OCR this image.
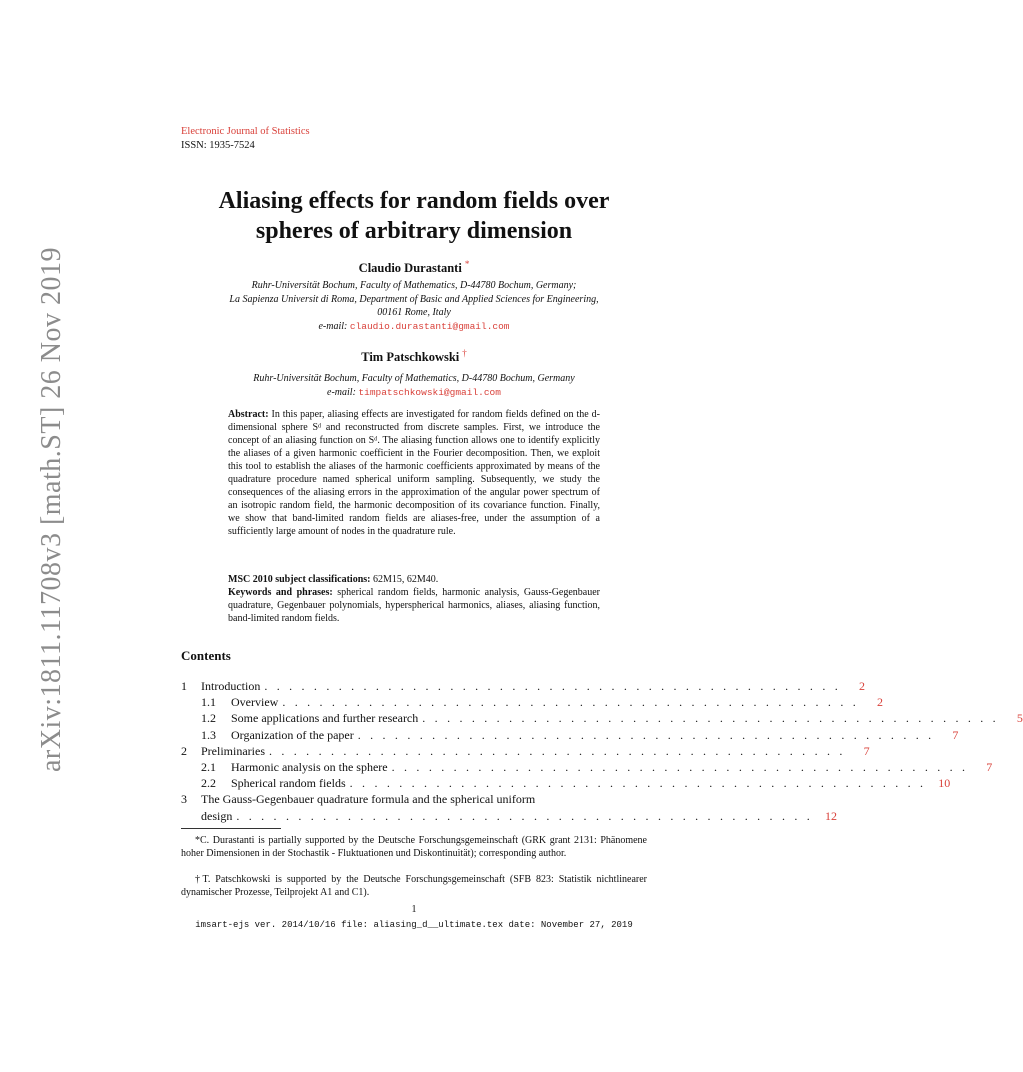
arXiv:1811.11708v3 [math.ST] 26 Nov 2019
Electronic Journal of Statistics
ISSN: 1935-7524
Aliasing effects for random fields over
spheres of arbitrary dimension
Claudio Durastanti *
Ruhr-Universität Bochum, Faculty of Mathematics, D-44780 Bochum, Germany;
La Sapienza Universit di Roma, Department of Basic and Applied Sciences for Engineering,
00161 Rome, Italy
e-mail: claudio.durastanti@gmail.com
Tim Patschkowski †
Ruhr-Universität Bochum, Faculty of Mathematics, D-44780 Bochum, Germany
e-mail: timpatschkowski@gmail.com
Abstract: In this paper, aliasing effects are investigated for random fields defined on the d-dimensional sphere Sᵈ and reconstructed from discrete samples. First, we introduce the concept of an aliasing function on Sᵈ. The aliasing function allows one to identify explicitly the aliases of a given harmonic coefficient in the Fourier decomposition. Then, we exploit this tool to establish the aliases of the harmonic coefficients approximated by means of the quadrature procedure named spherical uniform sampling. Subsequently, we study the consequences of the aliasing errors in the approximation of the angular power spectrum of an isotropic random field, the harmonic decomposition of its covariance function. Finally, we show that band-limited random fields are aliases-free, under the assumption of a sufficiently large amount of nodes in the quadrature rule.
MSC 2010 subject classifications: 62M15, 62M40.
Keywords and phrases: spherical random fields, harmonic analysis, Gauss-Gegenbauer quadrature, Gegenbauer polynomials, hyperspherical harmonics, aliases, aliasing function, band-limited random fields.
Contents
1	Introduction . . . . . . . . . . . . . . . . . . . . . . . . . . . . . . . . . . . . . . . . . . . . . . .	2
1.1	Overview . . . . . . . . . . . . . . . . . . . . . . . . . . . . . . . . . . . . . . . . . . . . . . .	2
1.2	Some applications and further research . . . . . . . . . . . . . . . . . . . . . . . . . . . . . . . . . . . . . . . . . . . . . . .	5
1.3	Organization of the paper . . . . . . . . . . . . . . . . . . . . . . . . . . . . . . . . . . . . . . . . . . . . . . .	7
2	Preliminaries . . . . . . . . . . . . . . . . . . . . . . . . . . . . . . . . . . . . . . . . . . . . . . .	7
2.1	Harmonic analysis on the sphere . . . . . . . . . . . . . . . . . . . . . . . . . . . . . . . . . . . . . . . . . . . . . . .	7
2.2	Spherical random fields . . . . . . . . . . . . . . . . . . . . . . . . . . . . . . . . . . . . . . . . . . . . . . .	10
3	The Gauss-Gegenbauer quadrature formula and the spherical uniform
design . . . . . . . . . . . . . . . . . . . . . . . . . . . . . . . . . . . . . . . . . . . . . . .	12
*C. Durastanti is partially supported by the Deutsche Forschungsgemeinschaft (GRK grant 2131: Phänomene hoher Dimensionen in der Stochastik - Fluktuationen und Diskontinuität); corresponding author.
†T. Patschkowski is supported by the Deutsche Forschungsgemeinschaft (SFB 823: Statistik nichtlinearer dynamischer Prozesse, Teilprojekt A1 and C1).
1
imsart-ejs ver. 2014/10/16 file: aliasing_d__ultimate.tex date: November 27, 2019
